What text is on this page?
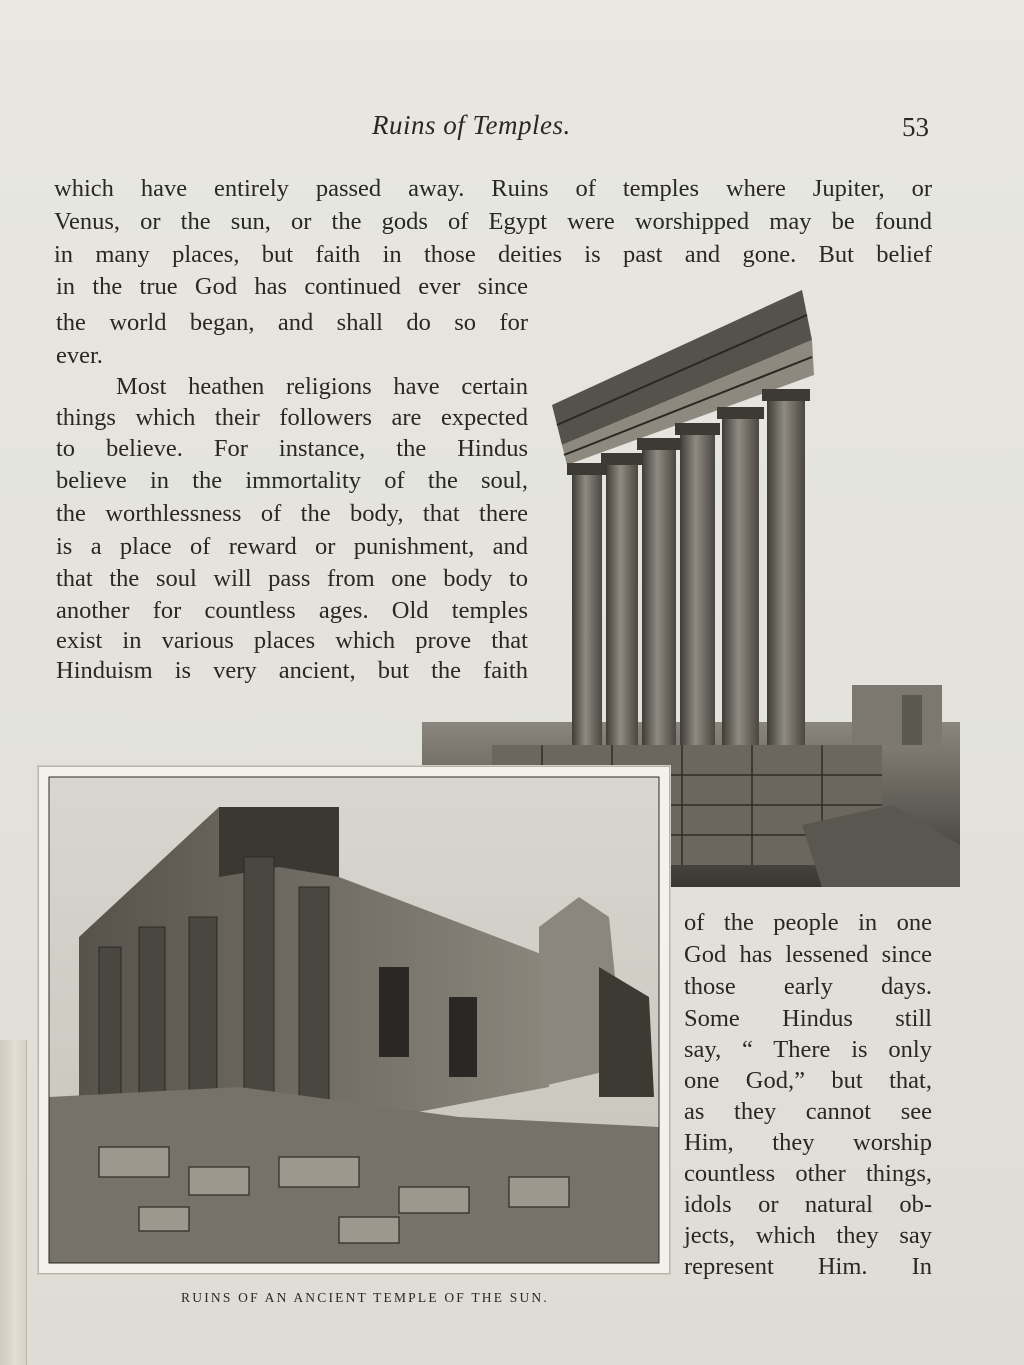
Ruins of Temples.	53
which have entirely passed away. Ruins of temples where Jupiter, or
Venus, or the sun, or the gods of Egypt were worshipped may be found
in many places, but faith in those deities is past and gone. But belief
in the true God has continued ever since
the world began, and shall do so for
ever.
Most heathen religions have certain
things which their followers are expected
to believe. For instance, the Hindus
believe in the immortality of the soul,
the worthlessness of the body, that there
is a place of reward or punishment, and
that the soul will pass from one body to
another for countless ages. Old temples
exist in various places which prove that
Hinduism is very ancient, but the faith
of the people in one
God has lessened since
those early days.
Some Hindus still
say, “ There is only
one God,” but that,
as they cannot see
Him, they worship
countless other things,
idols or natural ob-
jects, which they say
represent Him. In
RUINS OF AN ANCIENT TEMPLE OF THE SUN.
